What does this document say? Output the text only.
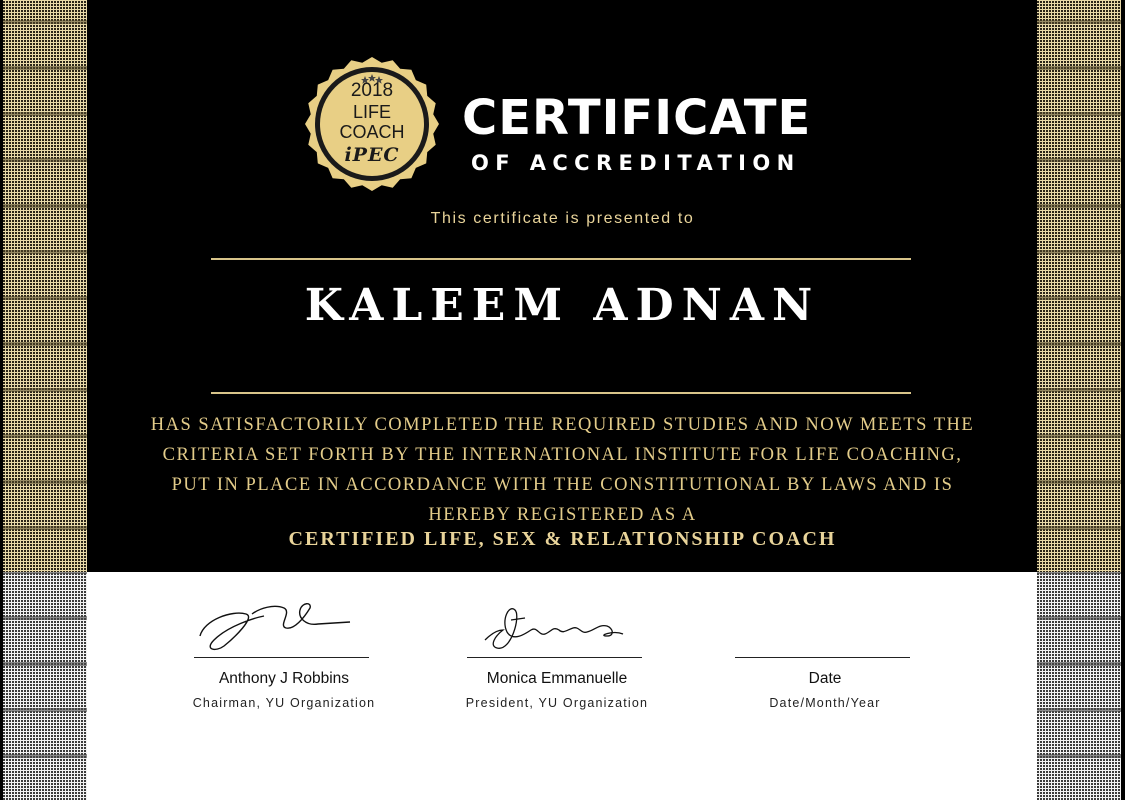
2018
LIFE
COACH
iPEC
CERTIFICATE
OF ACCREDITATION
This certificate is presented to
KALEEM ADNAN
HAS SATISFACTORILY COMPLETED THE REQUIRED STUDIES AND NOW MEETS THE CRITERIA SET FORTH BY THE INTERNATIONAL INSTITUTE FOR LIFE COACHING, PUT IN PLACE IN ACCORDANCE WITH THE CONSTITUTIONAL BY LAWS AND IS HEREBY REGISTERED AS A
CERTIFIED LIFE, SEX & RELATIONSHIP COACH
Anthony J Robbins
Chairman, YU Organization
Monica Emmanuelle
President, YU Organization
Date
Date/Month/Year
